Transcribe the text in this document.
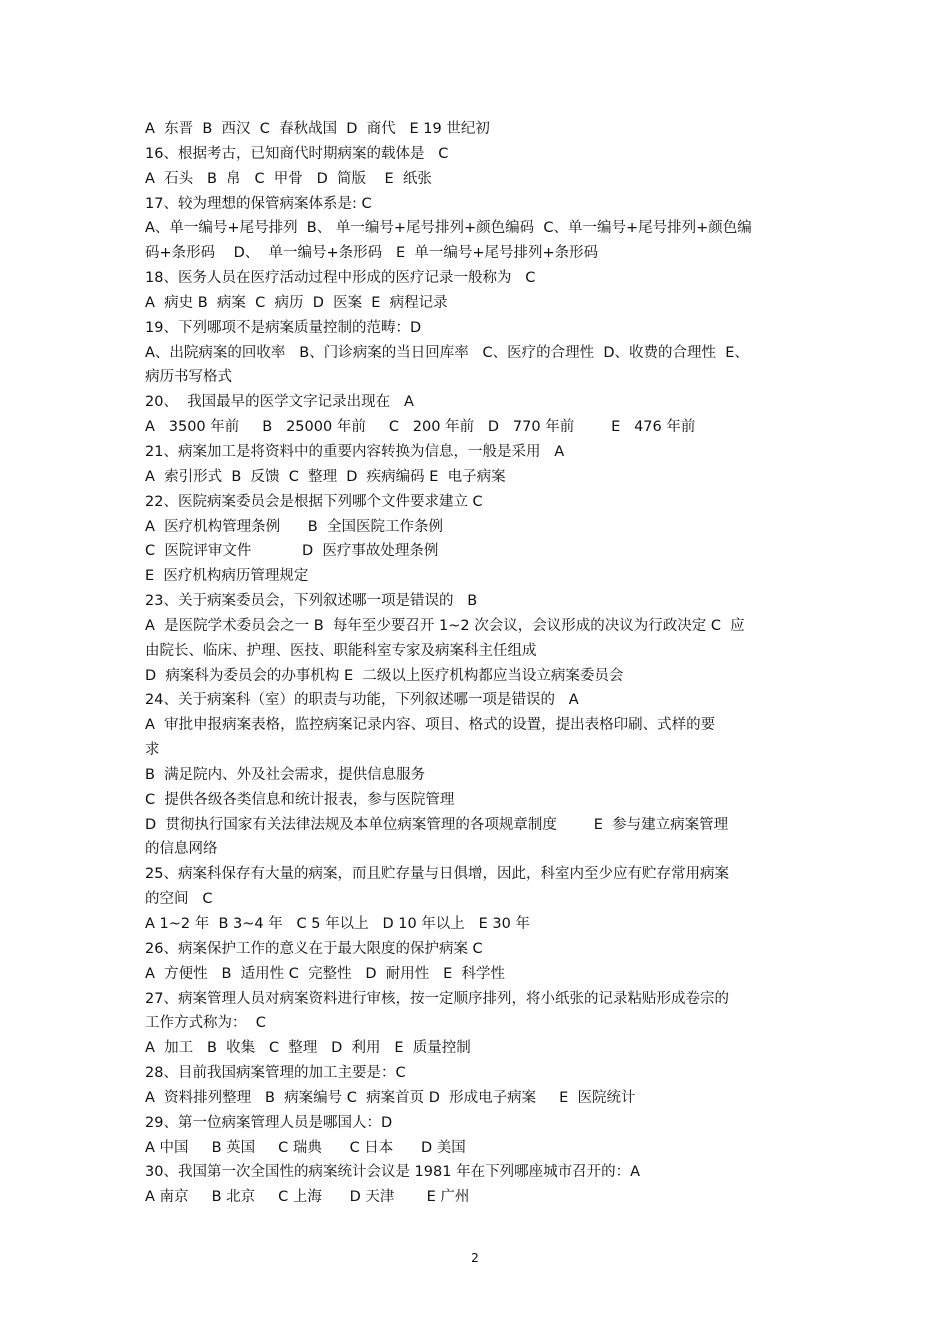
A  东晋  B  西汉  C  春秋战国  D  商代   E 19 世纪初
16、根据考古，已知商代时期病案的载体是   C
A  石头   B  帛   C  甲骨   D  简版    E  纸张
17、较为理想的保管病案体系是: C
A、单一编号+尾号排列  B、 单一编号+尾号排列+颜色编码  C、单一编号+尾号排列+颜色编
码+条形码    D、  单一编号+条形码   E  单一编号+尾号排列+条形码
18、医务人员在医疗活动过程中形成的医疗记录一般称为   C
A  病史 B  病案  C  病历  D  医案  E  病程记录
19、下列哪项不是病案质量控制的范畴：D
A、出院病案的回收率   B、门诊病案的当日回库率   C、医疗的合理性  D、收费的合理性  E、
病历书写格式
20、  我国最早的医学文字记录出现在   A
A   3500 年前     B   25000 年前     C   200 年前   D   770 年前        E   476 年前
21、病案加工是将资料中的重要内容转换为信息，一般是采用   A
A  索引形式  B  反馈  C  整理  D  疾病编码 E  电子病案
22、医院病案委员会是根据下列哪个文件要求建立 C
A  医疗机构管理条例      B  全国医院工作条例
C  医院评审文件           D  医疗事故处理条例
E  医疗机构病历管理规定
23、关于病案委员会，下列叙述哪一项是错误的   B
A  是医院学术委员会之一 B  每年至少要召开 1~2 次会议，会议形成的决议为行政决定 C  应
由院长、临床、护理、医技、职能科室专家及病案科主任组成
D  病案科为委员会的办事机构 E  二级以上医疗机构都应当设立病案委员会
24、关于病案科（室）的职责与功能，下列叙述哪一项是错误的   A
A  审批申报病案表格，监控病案记录内容、项目、格式的设置，提出表格印刷、式样的要
求
B  满足院内、外及社会需求，提供信息服务
C  提供各级各类信息和统计报表，参与医院管理
D  贯彻执行国家有关法律法规及本单位病案管理的各项规章制度        E  参与建立病案管理
的信息网络
25、病案科保存有大量的病案，而且贮存量与日俱增，因此，科室内至少应有贮存常用病案
的空间   C
A 1~2 年  B 3~4 年   C 5 年以上   D 10 年以上   E 30 年
26、病案保护工作的意义在于最大限度的保护病案 C
A  方便性   B  适用性 C  完整性   D  耐用性   E  科学性
27、病案管理人员对病案资料进行审核，按一定顺序排列，将小纸张的记录粘贴形成卷宗的
工作方式称为：  C
A  加工   B  收集   C  整理   D  利用   E  质量控制
28、目前我国病案管理的加工主要是：C
A  资料排列整理   B  病案编号 C  病案首页 D  形成电子病案     E  医院统计
29、第一位病案管理人员是哪国人：D
A 中国     B 英国     C 瑞典      C 日本      D 美国
30、我国第一次全国性的病案统计会议是 1981 年在下列哪座城市召开的：A
A 南京     B 北京     C 上海      D 天津       E 广州
2
